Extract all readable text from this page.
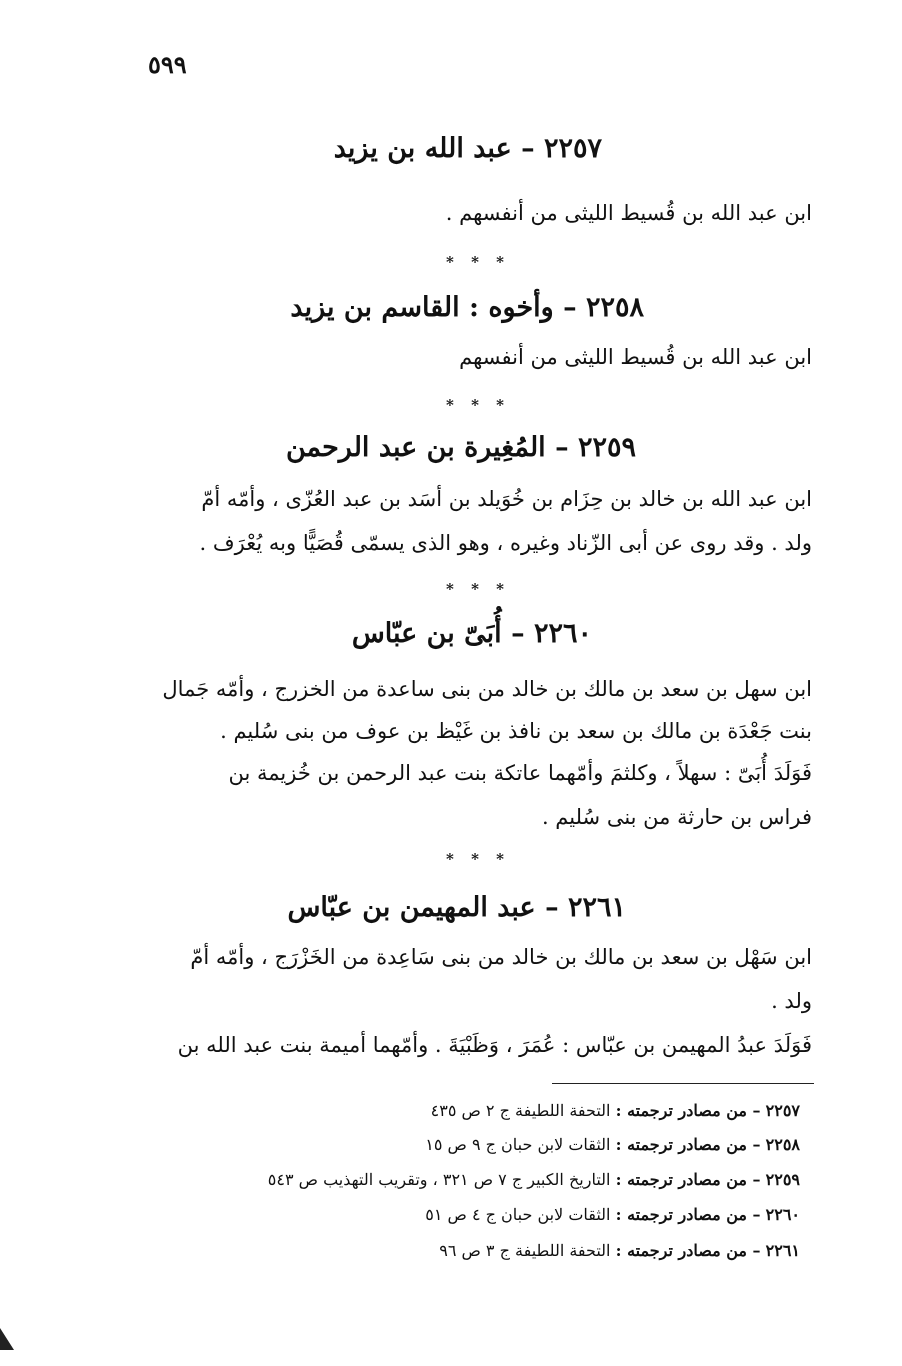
٥٩٩
٢٢٥٧ – عبد الله بن يزيد
ابن عبد الله بن قُسيط الليثى من أنفسهم .
* * *
٢٢٥٨ – وأخوه : القاسم بن يزيد
ابن عبد الله بن قُسيط الليثى من أنفسهم
* * *
٢٢٥٩ – المُغِيرة بن عبد الرحمن
ابن عبد الله بن خالد بن حِزَام بن خُوَيلد بن أسَد بن عبد العُزّى ، وأمّه أمّ
ولد . وقد روى عن أبى الزّناد وغيره ، وهو الذى يسمّى قُصَيًّا وبه يُعْرَف .
* * *
٢٢٦٠ – أُبَىّ بن عبّاس
ابن سهل بن سعد بن مالك بن خالد من بنى ساعدة من الخزرج ، وأمّه جَمال
بنت جَعْدَة بن مالك بن سعد بن نافذ بن غَيْظ بن عوف من بنى سُليم .
فَوَلَدَ أُبَىّ : سهلاً ، وكلثمَ وأمّهما عاتكة بنت عبد الرحمن بن خُزيمة بن
فراس بن حارثة من بنى سُليم .
* * *
٢٢٦١ – عبد المهيمن بن عبّاس
ابن سَهْل بن سعد بن مالك بن خالد من بنى سَاعِدة من الخَزْرَج ، وأمّه أمّ
ولد .
فَوَلَدَ عبدُ المهيمن بن عبّاس : عُمَرَ ، وَظَبْيَةَ . وأمّهما أميمة بنت عبد الله بن
٢٢٥٧ – من مصادر ترجمته : التحفة اللطيفة ج ٢ ص ٤٣٥
٢٢٥٨ – من مصادر ترجمته : الثقات لابن حبان ج ٩ ص ١٥
٢٢٥٩ – من مصادر ترجمته : التاريخ الكبير ج ٧ ص ٣٢١ ، وتقريب التهذيب ص ٥٤٣
٢٢٦٠ – من مصادر ترجمته : الثقات لابن حبان ج ٤ ص ٥١
٢٢٦١ – من مصادر ترجمته : التحفة اللطيفة ج ٣ ص ٩٦
